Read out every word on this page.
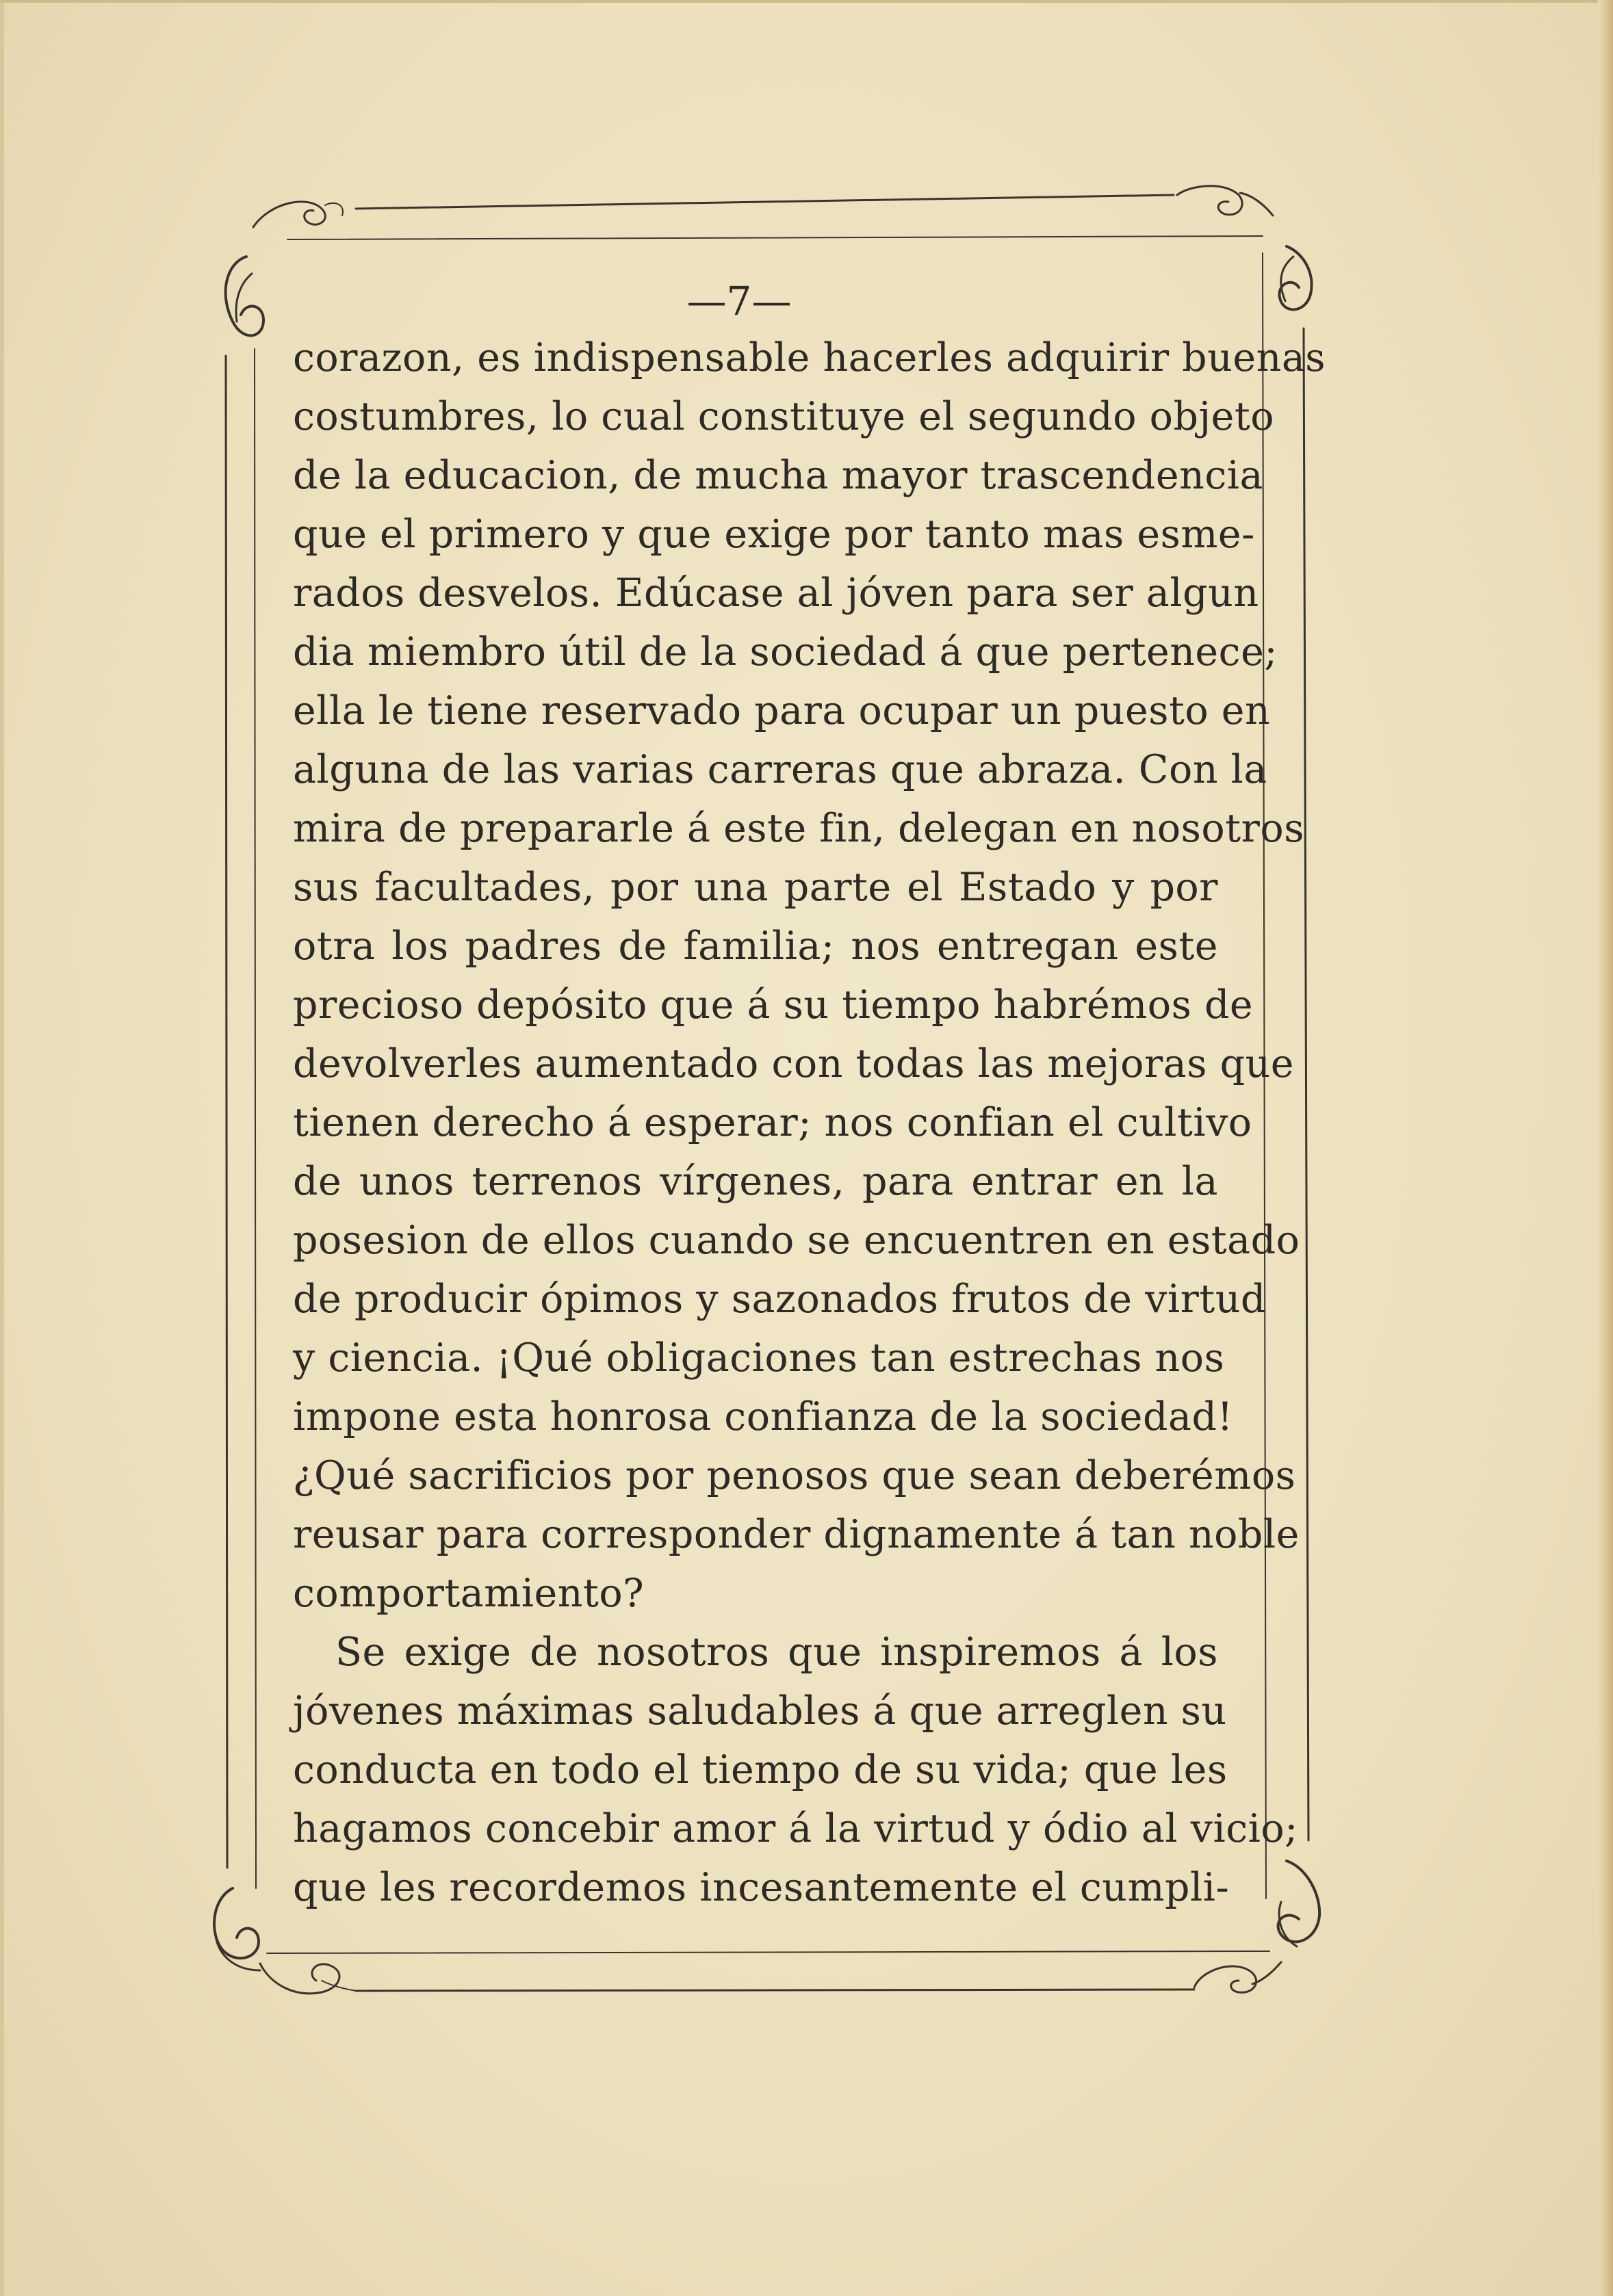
—7—
corazon, es indispensable hacerles adquirir buenas
costumbres, lo cual constituye el segundo objeto
de la educacion, de mucha mayor trascendencia
que el primero y que exige por tanto mas esme-
rados desvelos. Edúcase al jóven para ser algun
dia miembro útil de la sociedad á que pertenece;
ella le tiene reservado para ocupar un puesto en
alguna de las varias carreras que abraza. Con la
mira de prepararle á este fin, delegan en nosotros
sus facultades, por una parte el Estado y por
otra los padres de familia; nos entregan este
precioso depósito que á su tiempo habrémos de
devolverles aumentado con todas las mejoras que
tienen derecho á esperar; nos confian el cultivo
de unos terrenos vírgenes, para entrar en la
posesion de ellos cuando se encuentren en estado
de producir ópimos y sazonados frutos de virtud
y ciencia. ¡Qué obligaciones tan estrechas nos
impone esta honrosa confianza de la sociedad!
¿Qué sacrificios por penosos que sean deberémos
reusar para corresponder dignamente á tan noble
comportamiento?
Se exige de nosotros que inspiremos á los
jóvenes máximas saludables á que arreglen su
conducta en todo el tiempo de su vida; que les
hagamos concebir amor á la virtud y ódio al vicio;
que les recordemos incesantemente el cumpli-
